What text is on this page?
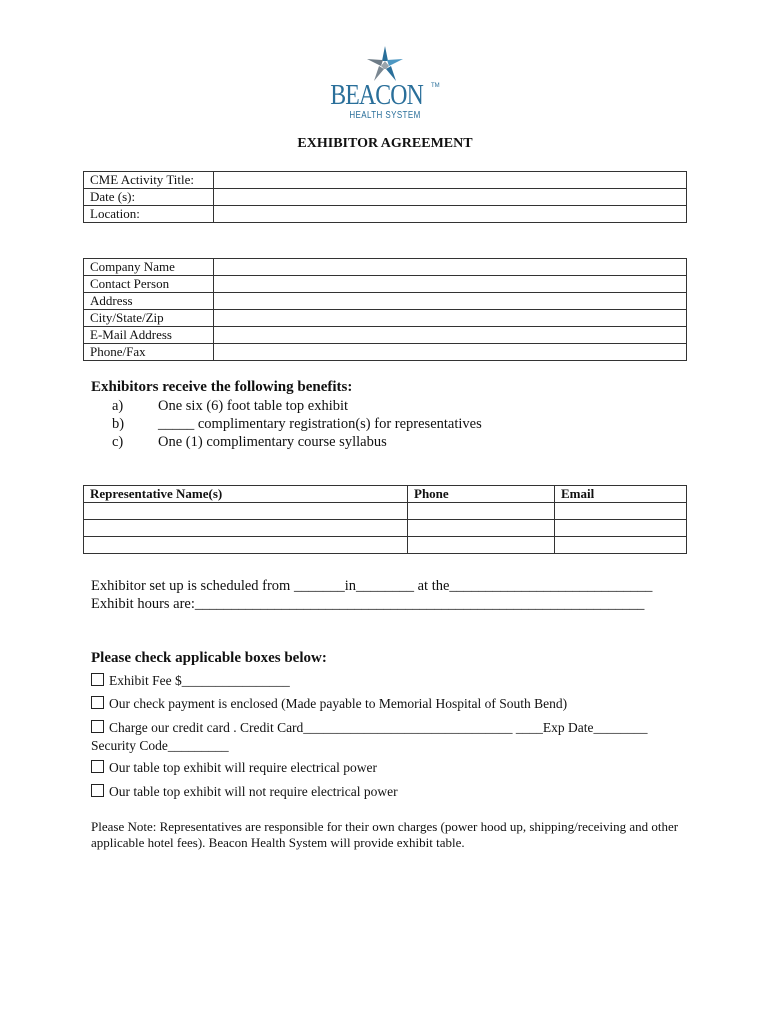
BEACON TM
HEALTH SYSTEM
EXHIBITOR AGREEMENT
CME Activity Title:	
Date (s):	
Location:	
Company Name	
Contact Person	
Address	
City/State/Zip	
E-Mail Address	
Phone/Fax	
Exhibitors receive the following benefits:
a) One six (6) foot table top exhibit
b) _____ complimentary registration(s) for representatives
c) One (1) complimentary course syllabus
Representative Name(s)	Phone	Email

Exhibitor set up is scheduled from _______in________ at the____________________________
Exhibit hours are:______________________________________________________________
Please check applicable boxes below:
Exhibit Fee $________________
Our check payment is enclosed (Made payable to Memorial Hospital of South Bend)
Charge our credit card . Credit Card_______________________________ ____Exp Date________
Security Code_________
Our table top exhibit will require electrical power
Our table top exhibit will not require electrical power
Please Note: Representatives are responsible for their own charges (power hood up, shipping/receiving and other applicable hotel fees). Beacon Health System will provide exhibit table.
